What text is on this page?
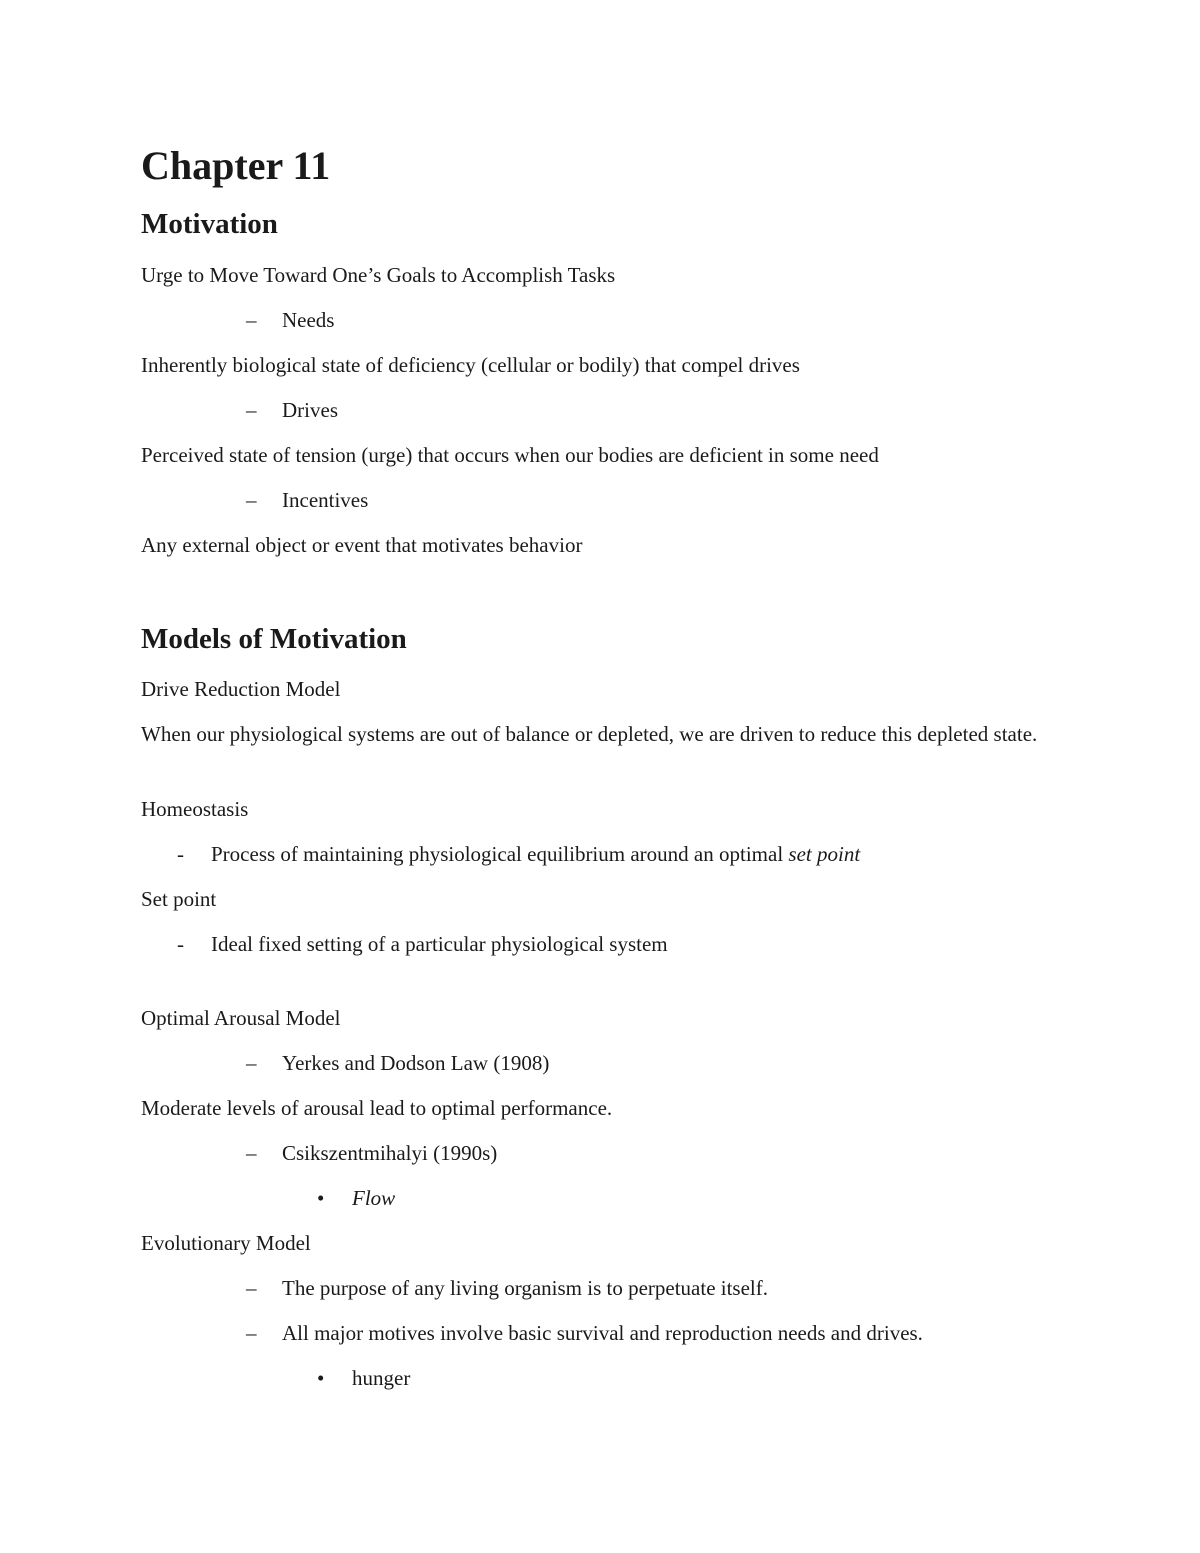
Chapter 11
Motivation
Urge to Move Toward One’s Goals to Accomplish Tasks
– Needs
Inherently biological state of deficiency (cellular or bodily) that compel drives
– Drives
Perceived state of tension (urge) that occurs when our bodies are deficient in some need
– Incentives
Any external object or event that motivates behavior
Models of Motivation
Drive Reduction Model
When our physiological systems are out of balance or depleted, we are driven to reduce this depleted state.
Homeostasis
- Process of maintaining physiological equilibrium around an optimal set point
Set point
- Ideal fixed setting of a particular physiological system
Optimal Arousal Model
– Yerkes and Dodson Law (1908)
Moderate levels of arousal lead to optimal performance.
– Csikszentmihalyi (1990s)
• Flow
Evolutionary Model
– The purpose of any living organism is to perpetuate itself.
– All major motives involve basic survival and reproduction needs and drives.
• hunger
